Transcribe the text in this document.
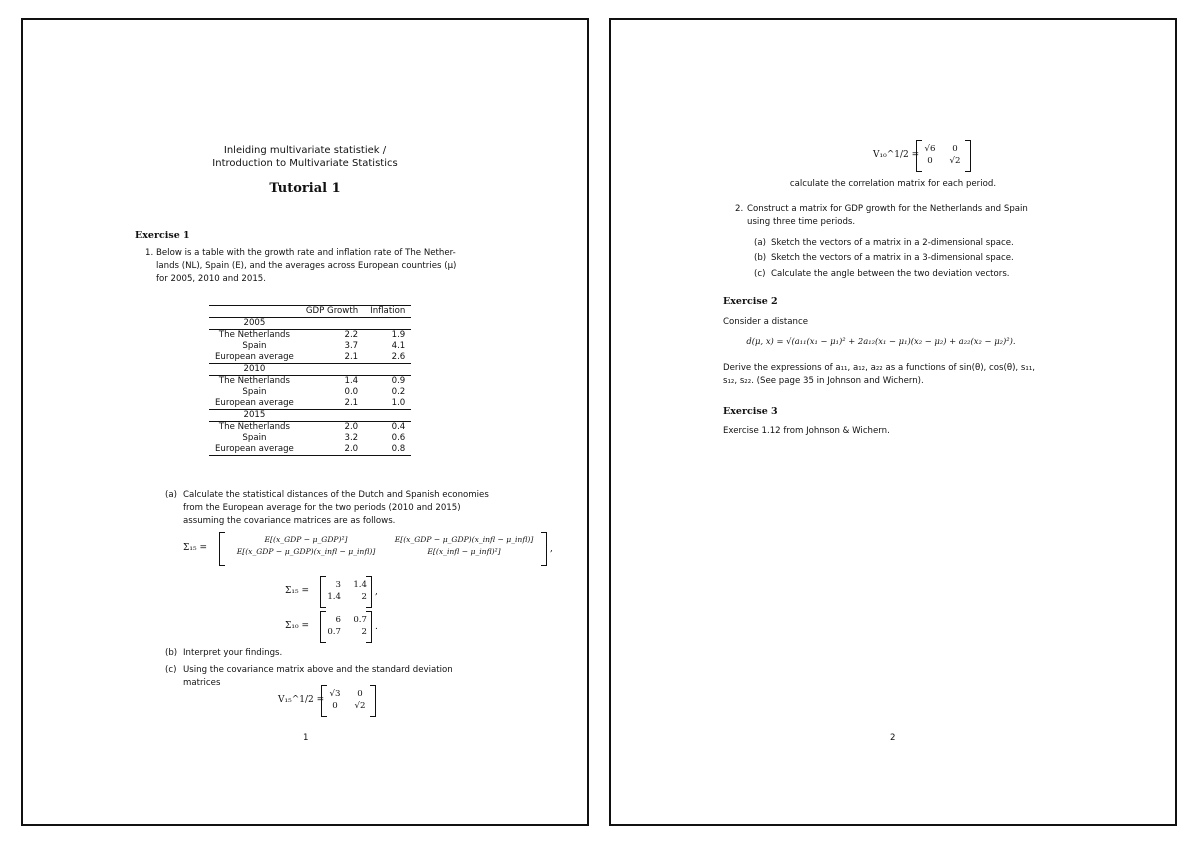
Inleiding multivariate statistiek /
Introduction to Multivariate Statistics
Tutorial 1
Exercise 1
1. Below is a table with the growth rate and inflation rate of The Nether-
lands (NL), Spain (E), and the averages across European countries (μ)
for 2005, 2010 and 2015.
	GDP Growth	Inflation
2005		
The Netherlands	2.2	1.9
Spain	3.7	4.1
European average	2.1	2.6
2010		
The Netherlands	1.4	0.9
Spain	0.0	0.2
European average	2.1	1.0
2015		
The Netherlands	2.0	0.4
Spain	3.2	0.6
European average	2.0	0.8
(a) Calculate the statistical distances of the Dutch and Spanish economies
from the European average for the two periods (2010 and 2015)
assuming the covariance matrices are as follows.
Σ₁₅ =
E[(x_GDP − μ_GDP)²]	E[(x_GDP − μ_GDP)(x_infl − μ_infl)]
E[(x_GDP − μ_GDP)(x_infl − μ_infl)]	E[(x_infl − μ_infl)²]	,
Σ₁₅ =
3 1.4
1.4	2 ,
Σ₁₀ =
6 0.7
0.7	2 .
(b) Interpret your findings.
(c) Using the covariance matrix above and the standard deviation
matrices
V₁₅^1/2 =
√3	0
0	√2
1
V₁₀^1/2 =
√6	0
0	√2
calculate the correlation matrix for each period.
2. Construct a matrix for GDP growth for the Netherlands and Spain
using three time periods.
(a) Sketch the vectors of a matrix in a 2-dimensional space.
(b) Sketch the vectors of a matrix in a 3-dimensional space.
(c) Calculate the angle between the two deviation vectors.
Exercise 2
Consider a distance
d(μ, x) = √(a₁₁(x₁ − μ₁)² + 2a₁₂(x₁ − μ₁)(x₂ − μ₂) + a₂₂(x₂ − μ₂)²).
Derive the expressions of a₁₁, a₁₂, a₂₂ as a functions of sin(θ), cos(θ), s₁₁,
s₁₂, s₂₂. (See page 35 in Johnson and Wichern).
Exercise 3
Exercise 1.12 from Johnson & Wichern.
2
